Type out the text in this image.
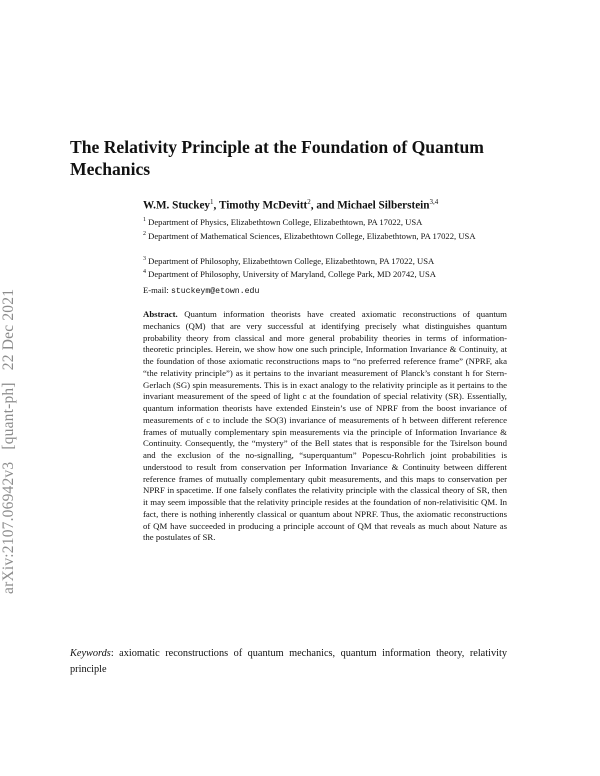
arXiv:2107.06942v3[quant-ph]22 Dec 2021
The Relativity Principle at the Foundation of Quantum Mechanics
W.M. Stuckey$^1$, Timothy McDevitt$^2$, and Michael Silberstein$^{3,4}$
$^1$ Department of Physics, Elizabethtown College, Elizabethtown, PA 17022, USA
$^2$ Department of Mathematical Sciences, Elizabethtown College, Elizabethtown, PA 17022, USA
$^3$ Department of Philosophy, Elizabethtown College, Elizabethtown, PA 17022, USA
$^4$ Department of Philosophy, University of Maryland, College Park, MD 20742, USA
E-mail: stuckeym@etown.edu
Abstract. Quantum information theorists have created axiomatic reconstructions of quantum mechanics (QM) that are very successful at identifying precisely what distinguishes quantum probability theory from classical and more general probability theories in terms of information-theoretic principles. Herein, we show how one such principle, Information Invariance & Continuity, at the foundation of those axiomatic reconstructions maps to “no preferred reference frame” (NPRF, aka “the relativity principle”) as it pertains to the invariant measurement of Planck’s constant h for Stern-Gerlach (SG) spin measurements. This is in exact analogy to the relativity principle as it pertains to the invariant measurement of the speed of light c at the foundation of special relativity (SR). Essentially, quantum information theorists have extended Einstein’s use of NPRF from the boost invariance of measurements of c to include the SO(3) invariance of measurements of h between different reference frames of mutually complementary spin measurements via the principle of Information Invariance & Continuity. Consequently, the “mystery” of the Bell states that is responsible for the Tsirelson bound and the exclusion of the no-signalling, “superquantum” Popescu-Rohrlich joint probabilities is understood to result from conservation per Information Invariance & Continuity between different reference frames of mutually complementary qubit measurements, and this maps to conservation per NPRF in spacetime. If one falsely conflates the relativity principle with the classical theory of SR, then it may seem impossible that the relativity principle resides at the foundation of non-relativisitic QM. In fact, there is nothing inherently classical or quantum about NPRF. Thus, the axiomatic reconstructions of QM have succeeded in producing a principle account of QM that reveals as much about Nature as the postulates of SR.
Keywords: axiomatic reconstructions of quantum mechanics, quantum information theory, relativity principle
